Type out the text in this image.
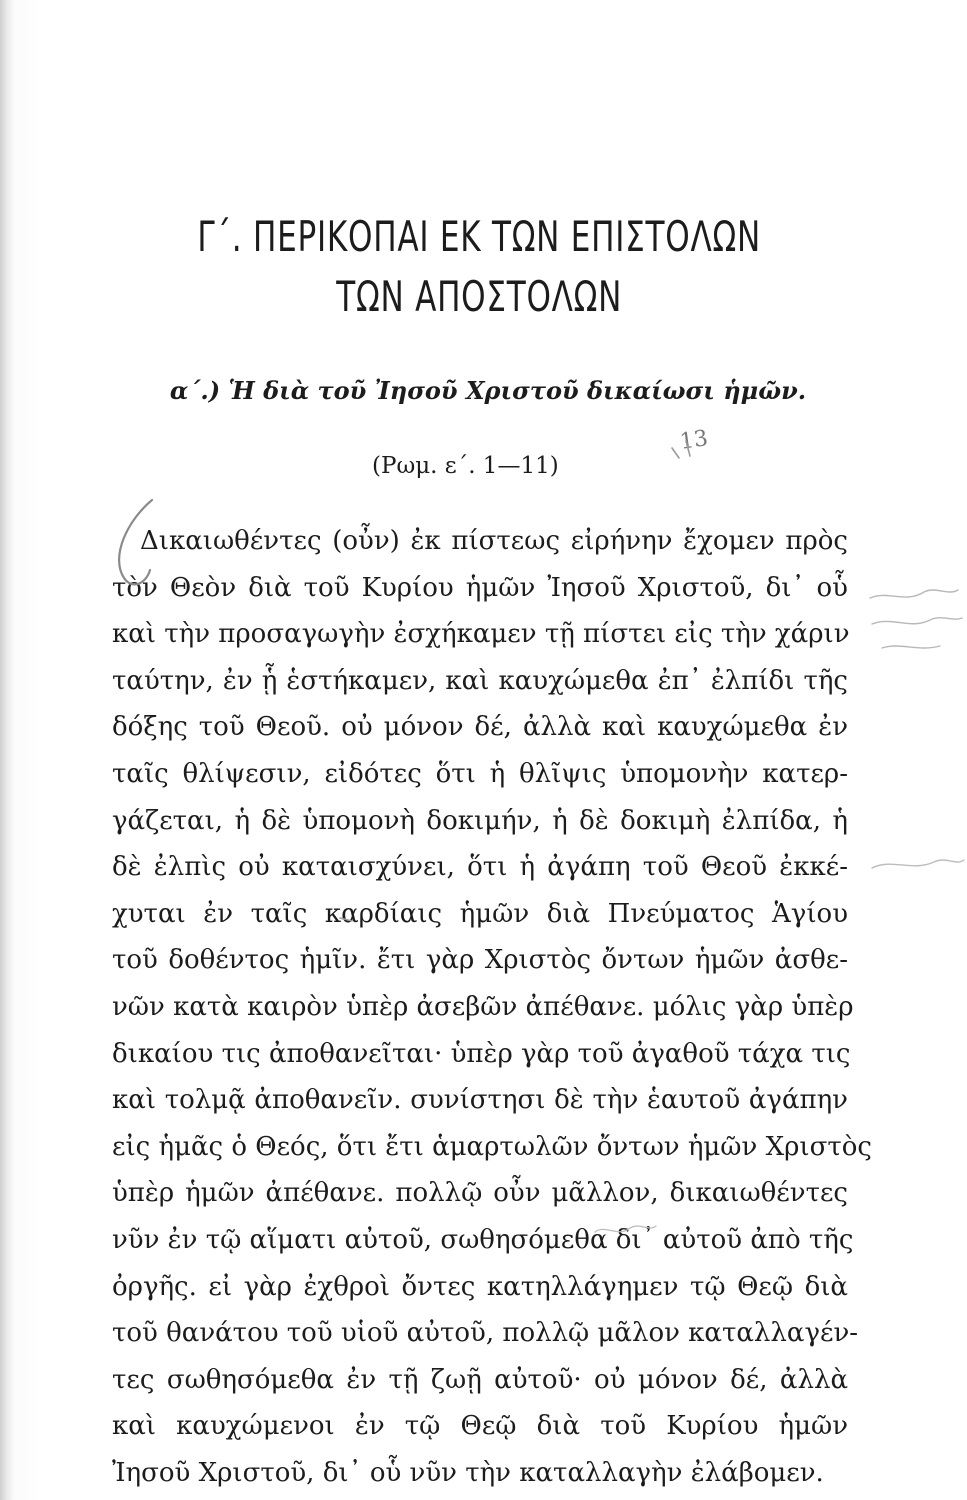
Γ΄. ΠΕΡΙΚΟΠΑΙ ΕΚ ΤΩΝ ΕΠΙΣΤΟΛΩΝ
ΤΩΝ ΑΠΟΣΤΟΛΩΝ
α΄.) Ἡ διὰ τοῦ Ἰησοῦ Χριστοῦ δικαίωσι ἡμῶν.
(Ρωμ. ε΄. 1—11)
13
Δικαιωθέντες (οὖν) ἐκ πίστεως εἰρήνην ἔχομεν πρὸς
τὸν Θεὸν διὰ τοῦ Κυρίου ἡμῶν Ἰησοῦ Χριστοῦ, δι᾽ οὗ
καὶ τὴν προσαγωγὴν ἐσχήκαμεν τῇ πίστει εἰς τὴν χάριν
ταύτην, ἐν ᾗ ἑστήκαμεν, καὶ καυχώμεθα ἐπ᾽ ἐλπίδι τῆς
δόξης τοῦ Θεοῦ. οὐ μόνον δέ, ἀλλὰ καὶ καυχώμεθα ἐν
ταῖς θλίψεσιν, εἰδότες ὅτι ἡ θλῖψις ὑπομονὴν κατερ-
γάζεται, ἡ δὲ ὑπομονὴ δοκιμήν, ἡ δὲ δοκιμὴ ἐλπίδα, ἡ
δὲ ἐλπὶς οὐ καταισχύνει, ὅτι ἡ ἀγάπη τοῦ Θεοῦ ἐκκέ-
χυται ἐν ταῖς καρδίαις ἡμῶν διὰ Πνεύματος Ἁγίου
τοῦ δοθέντος ἡμῖν. ἔτι γὰρ Χριστὸς ὄντων ἡμῶν ἀσθε-
νῶν κατὰ καιρὸν ὑπὲρ ἀσεβῶν ἀπέθανε. μόλις γὰρ ὑπὲρ
δικαίου τις ἀποθανεῖται· ὑπὲρ γὰρ τοῦ ἀγαθοῦ τάχα τις
καὶ τολμᾷ ἀποθανεῖν. συνίστησι δὲ τὴν ἑαυτοῦ ἀγάπην
εἰς ἡμᾶς ὁ Θεός, ὅτι ἔτι ἁμαρτωλῶν ὄντων ἡμῶν Χριστὸς
ὑπὲρ ἡμῶν ἀπέθανε. πολλῷ οὖν μᾶλλον, δικαιωθέντες
νῦν ἐν τῷ αἵματι αὐτοῦ, σωθησόμεθα δι᾽ αὐτοῦ ἀπὸ τῆς
ὀργῆς. εἰ γὰρ ἐχθροὶ ὄντες κατηλλάγημεν τῷ Θεῷ διὰ
τοῦ θανάτου τοῦ υἱοῦ αὐτοῦ, πολλῷ μᾶλον καταλλαγέν-
τες σωθησόμεθα ἐν τῇ ζωῇ αὐτοῦ· οὐ μόνον δέ, ἀλλὰ
καὶ καυχώμενοι ἐν τῷ Θεῷ διὰ τοῦ Κυρίου ἡμῶν
Ἰησοῦ Χριστοῦ, δι᾽ οὗ νῦν τὴν καταλλαγὴν ἐλάβομεν.
